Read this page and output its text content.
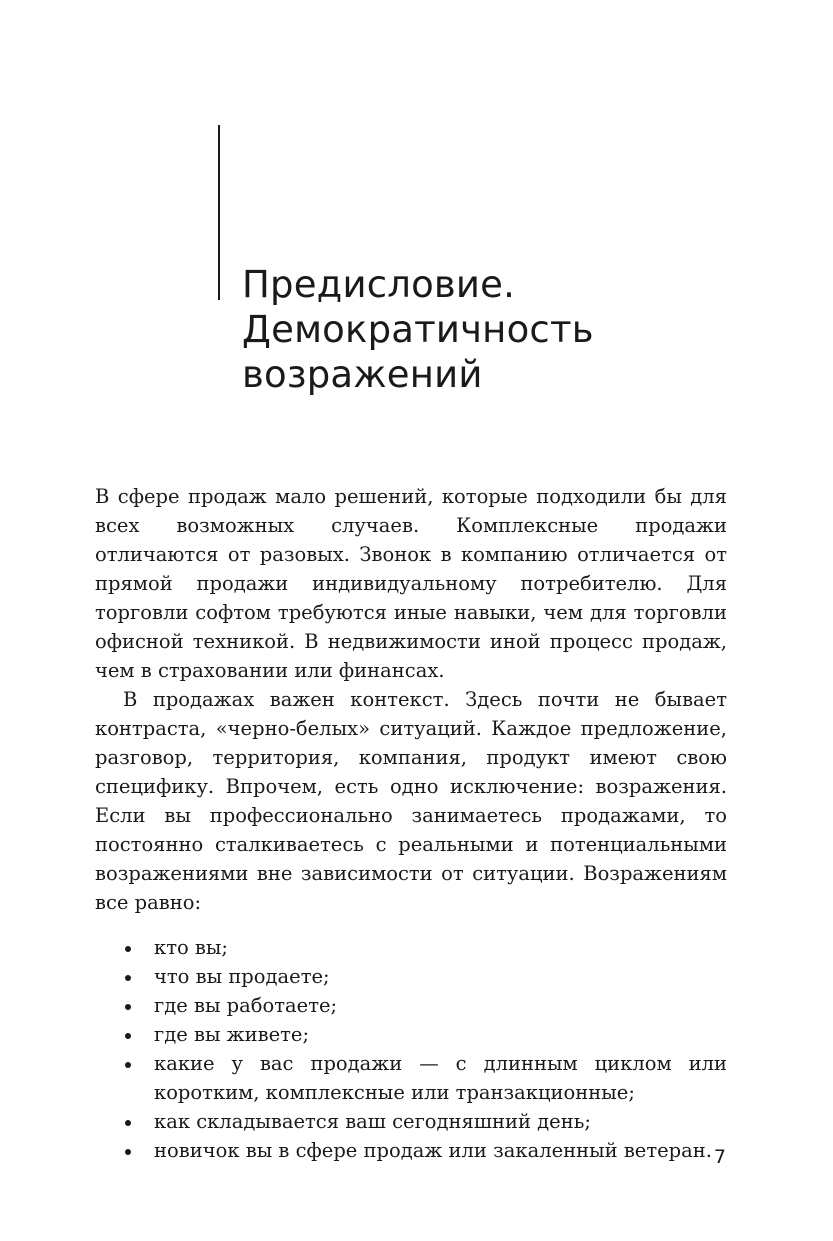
Предисловие.
Демократичность
возражений

В сфере продаж мало решений, которые подходили бы для всех возможных случаев. Комплексные продажи отличаются от разовых. Звонок в компанию отличается от прямой продажи индивидуальному потребителю. Для торговли софтом требуются иные навыки, чем для торговли офисной техникой. В недвижимости иной процесс продаж, чем в страховании или финансах.

В продажах важен контекст. Здесь почти не бывает контраста, «черно-белых» ситуаций. Каждое предложение, разговор, территория, компания, продукт имеют свою специфику. Впрочем, есть одно исключение: возражения. Если вы профессионально занимаетесь продажами, то постоянно сталкиваетесь с реальными и потенциальными возражениями вне зависимости от ситуации. Возражениям все равно:

кто вы;
что вы продаете;
где вы работаете;
где вы живете;
какие у вас продажи — с длинным циклом или коротким, комплексные или транзакционные;
как складывается ваш сегодняшний день;
новичок вы в сфере продаж или закаленный ветеран. 7
